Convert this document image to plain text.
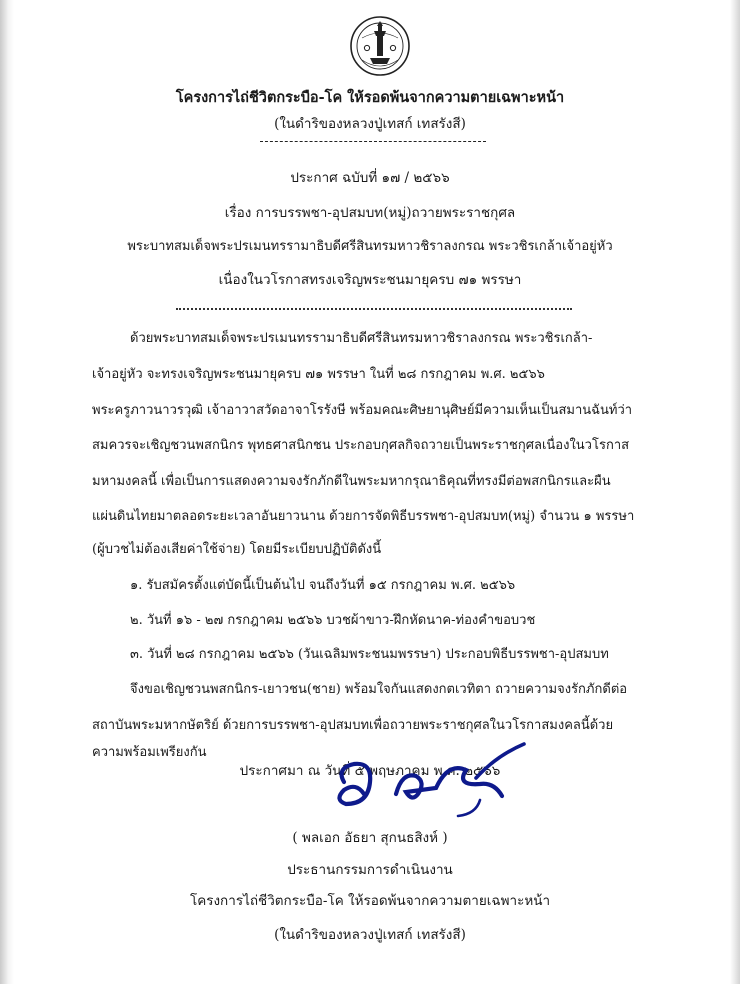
โครงการไถ่ชีวิตกระบือ-โค ให้รอดพ้นจากความตายเฉพาะหน้า
(ในดำริของหลวงปู่เทสก์ เทสรังสี)
ประกาศ ฉบับที่ ๑๗ / ๒๕๖๖
เรื่อง การบรรพชา-อุปสมบท(หมู่)ถวายพระราชกุศล
พระบาทสมเด็จพระปรเมนทรรามาธิบดีศรีสินทรมหาวชิราลงกรณ พระวชิรเกล้าเจ้าอยู่หัว
เนื่องในวโรกาสทรงเจริญพระชนมายุครบ ๗๑ พรรษา
ด้วยพระบาทสมเด็จพระปรเมนทรรามาธิบดีศรีสินทรมหาวชิราลงกรณ พระวชิรเกล้า-
เจ้าอยู่หัว จะทรงเจริญพระชนมายุครบ ๗๑ พรรษา ในที่ ๒๘ กรกฎาคม พ.ศ. ๒๕๖๖
พระครูภาวนาวรวุฒิ เจ้าอาวาสวัดอาจาโรรังษี พร้อมคณะศิษยานุศิษย์มีความเห็นเป็นสมานฉันท์ว่า
สมควรจะเชิญชวนพสกนิกร พุทธศาสนิกชน ประกอบกุศลกิจถวายเป็นพระราชกุศลเนื่องในวโรกาส
มหามงคลนี้ เพื่อเป็นการแสดงความจงรักภักดีในพระมหากรุณาธิคุณที่ทรงมีต่อพสกนิกรและผืน
แผ่นดินไทยมาตลอดระยะเวลาอันยาวนาน ด้วยการจัดพิธีบรรพชา-อุปสมบท(หมู่) จำนวน ๑ พรรษา
(ผู้บวชไม่ต้องเสียค่าใช้จ่าย) โดยมีระเบียบปฏิบัติดังนี้
๑. รับสมัครตั้งแต่บัดนี้เป็นต้นไป จนถึงวันที่ ๑๕ กรกฎาคม พ.ศ. ๒๕๖๖
๒. วันที่ ๑๖ - ๒๗ กรกฎาคม ๒๕๖๖ บวชผ้าขาว-ฝึกหัดนาค-ท่องคำขอบวช
๓. วันที่ ๒๘ กรกฎาคม ๒๕๖๖ (วันเฉลิมพระชนมพรรษา) ประกอบพิธีบรรพชา-อุปสมบท
จึงขอเชิญชวนพสกนิกร-เยาวชน(ชาย) พร้อมใจกันแสดงกตเวทิตา ถวายความจงรักภักดีต่อ
สถาบันพระมหากษัตริย์ ด้วยการบรรพชา-อุปสมบทเพื่อถวายพระราชกุศลในวโรกาสมงคลนี้ด้วย
ความพร้อมเพรียงกัน
ประกาศมา ณ วันที่ ๕ พฤษภาคม พ.ศ. ๒๕๖๖
( พลเอก อัธยา สุกนธสิงห์ )
ประธานกรรมการดำเนินงาน
โครงการไถ่ชีวิตกระบือ-โค ให้รอดพ้นจากความตายเฉพาะหน้า
(ในดำริของหลวงปู่เทสก์ เทสรังสี)
